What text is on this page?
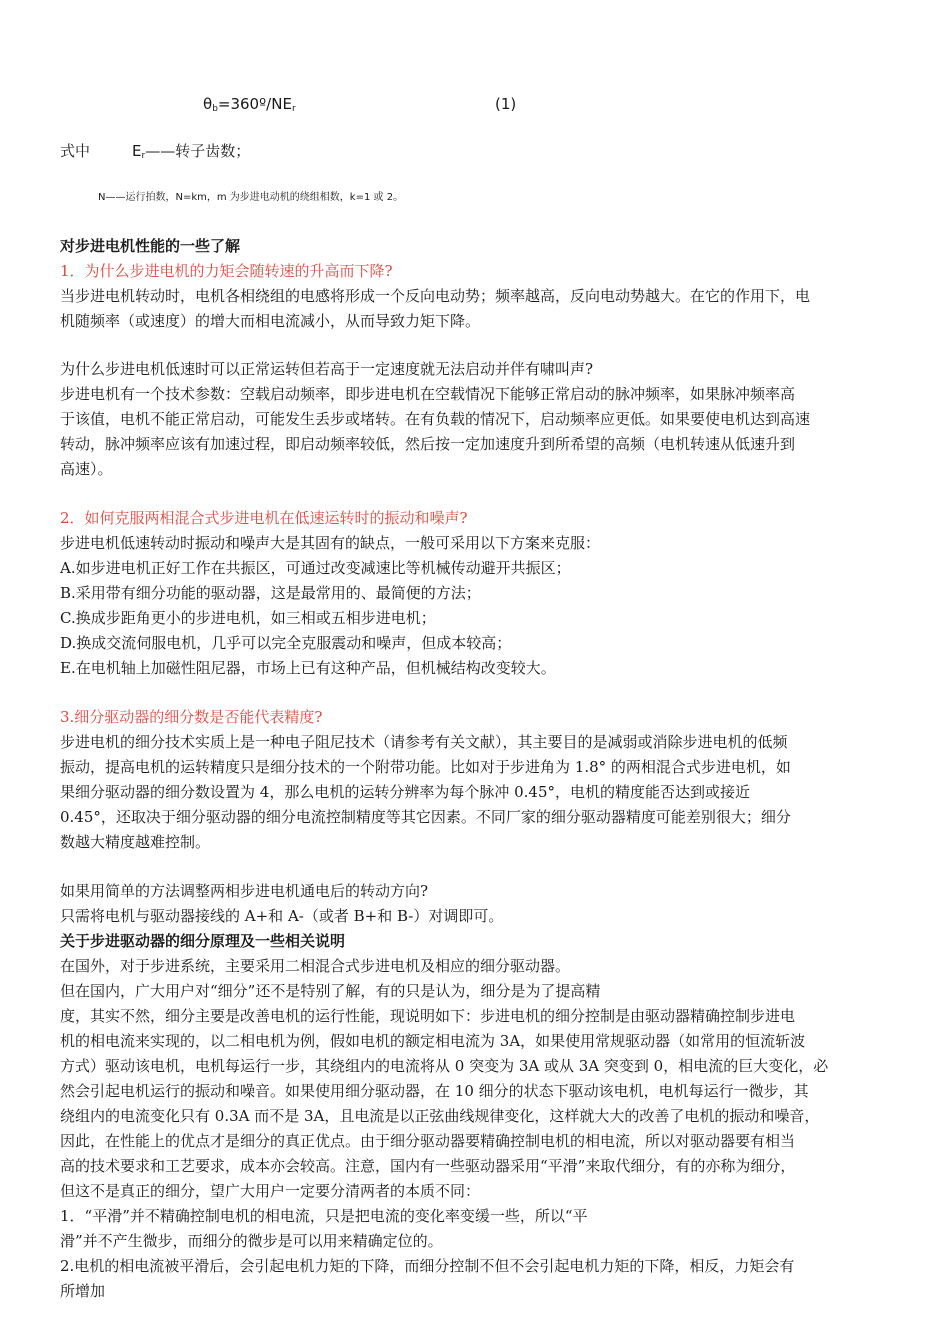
$\theta_b=360º/NE_r$	(1)
式中	$E_r——$转子齿数；
N——运行拍数，N=km，m 为步进电动机的绕组相数，k=1 或 2。
对步进电机性能的一些了解
1．为什么步进电机的力矩会随转速的升高而下降?
当步进电机转动时，电机各相绕组的电感将形成一个反向电动势；频率越高，反向电动势越大。在它的作用下，电
机随频率（或速度）的增大而相电流减小，从而导致力矩下降。
为什么步进电机低速时可以正常运转但若高于一定速度就无法启动并伴有啸叫声?
步进电机有一个技术参数：空载启动频率，即步进电机在空载情况下能够正常启动的脉冲频率，如果脉冲频率高
于该值，电机不能正常启动，可能发生丢步或堵转。在有负载的情况下，启动频率应更低。如果要使电机达到高速
转动，脉冲频率应该有加速过程，即启动频率较低，然后按一定加速度升到所希望的高频（电机转速从低速升到
高速）。
2．如何克服两相混合式步进电机在低速运转时的振动和噪声?
步进电机低速转动时振动和噪声大是其固有的缺点，一般可采用以下方案来克服：
A.如步进电机正好工作在共振区，可通过改变减速比等机械传动避开共振区；
B.采用带有细分功能的驱动器，这是最常用的、最简便的方法；
C.换成步距角更小的步进电机，如三相或五相步进电机；
D.换成交流伺服电机，几乎可以完全克服震动和噪声，但成本较高；
E.在电机轴上加磁性阻尼器，市场上已有这种产品，但机械结构改变较大。
3.细分驱动器的细分数是否能代表精度?
步进电机的细分技术实质上是一种电子阻尼技术（请参考有关文献），其主要目的是减弱或消除步进电机的低频
振动，提高电机的运转精度只是细分技术的一个附带功能。比如对于步进角为 1.8° 的两相混合式步进电机，如
果细分驱动器的细分数设置为 4，那么电机的运转分辨率为每个脉冲 0.45°，电机的精度能否达到或接近
0.45°，还取决于细分驱动器的细分电流控制精度等其它因素。不同厂家的细分驱动器精度可能差别很大；细分
数越大精度越难控制。
如果用简单的方法调整两相步进电机通电后的转动方向?
只需将电机与驱动器接线的 A+和 A-（或者 B+和 B-）对调即可。
关于步进驱动器的细分原理及一些相关说明
在国外，对于步进系统，主要采用二相混合式步进电机及相应的细分驱动器。
但在国内，广大用户对“细分”还不是特别了解，有的只是认为，细分是为了提高精
度，其实不然，细分主要是改善电机的运行性能，现说明如下：步进电机的细分控制是由驱动器精确控制步进电
机的相电流来实现的，以二相电机为例，假如电机的额定相电流为 3A，如果使用常规驱动器（如常用的恒流斩波
方式）驱动该电机，电机每运行一步，其绕组内的电流将从 0 突变为 3A 或从 3A 突变到 0，相电流的巨大变化，必
然会引起电机运行的振动和噪音。如果使用细分驱动器，在 10 细分的状态下驱动该电机，电机每运行一微步，其
绕组内的电流变化只有 0.3A 而不是 3A，且电流是以正弦曲线规律变化，这样就大大的改善了电机的振动和噪音，
因此，在性能上的优点才是细分的真正优点。由于细分驱动器要精确控制电机的相电流，所以对驱动器要有相当
高的技术要求和工艺要求，成本亦会较高。注意，国内有一些驱动器采用“平滑”来取代细分，有的亦称为细分，
但这不是真正的细分，望广大用户一定要分清两者的本质不同：
1．“平滑”并不精确控制电机的相电流，只是把电流的变化率变缓一些，所以“平
滑”并不产生微步，而细分的微步是可以用来精确定位的。
2.电机的相电流被平滑后，会引起电机力矩的下降，而细分控制不但不会引起电机力矩的下降，相反，力矩会有
所增加
